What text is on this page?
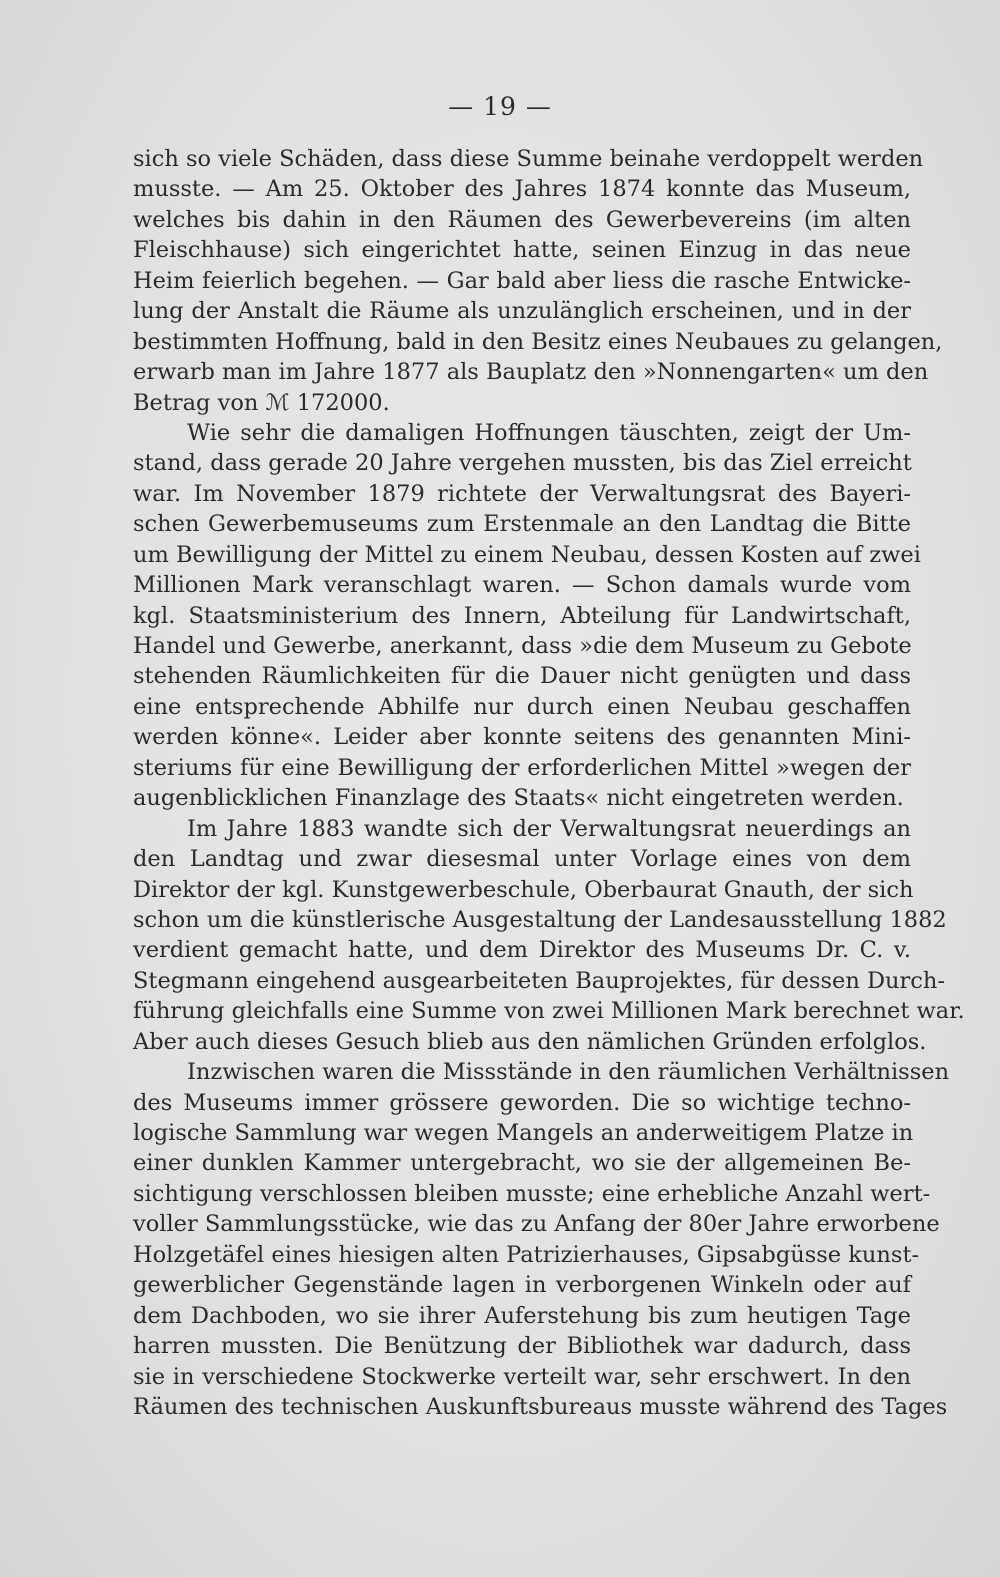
— 19 —
sich so viele Schäden, dass diese Summe beinahe verdoppelt werden
musste. — Am 25. Oktober des Jahres 1874 konnte das Museum,
welches bis dahin in den Räumen des Gewerbevereins (im alten
Fleischhause) sich eingerichtet hatte, seinen Einzug in das neue
Heim feierlich begehen. — Gar bald aber liess die rasche Entwicke-
lung der Anstalt die Räume als unzulänglich erscheinen, und in der
bestimmten Hoffnung, bald in den Besitz eines Neubaues zu gelangen,
erwarb man im Jahre 1877 als Bauplatz den »Nonnengarten« um den
Betrag von ℳ 172000.
Wie sehr die damaligen Hoffnungen täuschten, zeigt der Um-
stand, dass gerade 20 Jahre vergehen mussten, bis das Ziel erreicht
war. Im November 1879 richtete der Verwaltungsrat des Bayeri-
schen Gewerbemuseums zum Erstenmale an den Landtag die Bitte
um Bewilligung der Mittel zu einem Neubau, dessen Kosten auf zwei
Millionen Mark veranschlagt waren. — Schon damals wurde vom
kgl. Staatsministerium des Innern, Abteilung für Landwirtschaft,
Handel und Gewerbe, anerkannt, dass »die dem Museum zu Gebote
stehenden Räumlichkeiten für die Dauer nicht genügten und dass
eine entsprechende Abhilfe nur durch einen Neubau geschaffen
werden könne«. Leider aber konnte seitens des genannten Mini-
steriums für eine Bewilligung der erforderlichen Mittel »wegen der
augenblicklichen Finanzlage des Staats« nicht eingetreten werden.
Im Jahre 1883 wandte sich der Verwaltungsrat neuerdings an
den Landtag und zwar diesesmal unter Vorlage eines von dem
Direktor der kgl. Kunstgewerbeschule, Oberbaurat Gnauth, der sich
schon um die künstlerische Ausgestaltung der Landesausstellung 1882
verdient gemacht hatte, und dem Direktor des Museums Dr. C. v.
Stegmann eingehend ausgearbeiteten Bauprojektes, für dessen Durch-
führung gleichfalls eine Summe von zwei Millionen Mark berechnet war.
Aber auch dieses Gesuch blieb aus den nämlichen Gründen erfolglos.
Inzwischen waren die Missstände in den räumlichen Verhältnissen
des Museums immer grössere geworden. Die so wichtige techno-
logische Sammlung war wegen Mangels an anderweitigem Platze in
einer dunklen Kammer untergebracht, wo sie der allgemeinen Be-
sichtigung verschlossen bleiben musste; eine erhebliche Anzahl wert-
voller Sammlungsstücke, wie das zu Anfang der 80er Jahre erworbene
Holzgetäfel eines hiesigen alten Patrizierhauses, Gipsabgüsse kunst-
gewerblicher Gegenstände lagen in verborgenen Winkeln oder auf
dem Dachboden, wo sie ihrer Auferstehung bis zum heutigen Tage
harren mussten. Die Benützung der Bibliothek war dadurch, dass
sie in verschiedene Stockwerke verteilt war, sehr erschwert. In den
Räumen des technischen Auskunftsbureaus musste während des Tages
